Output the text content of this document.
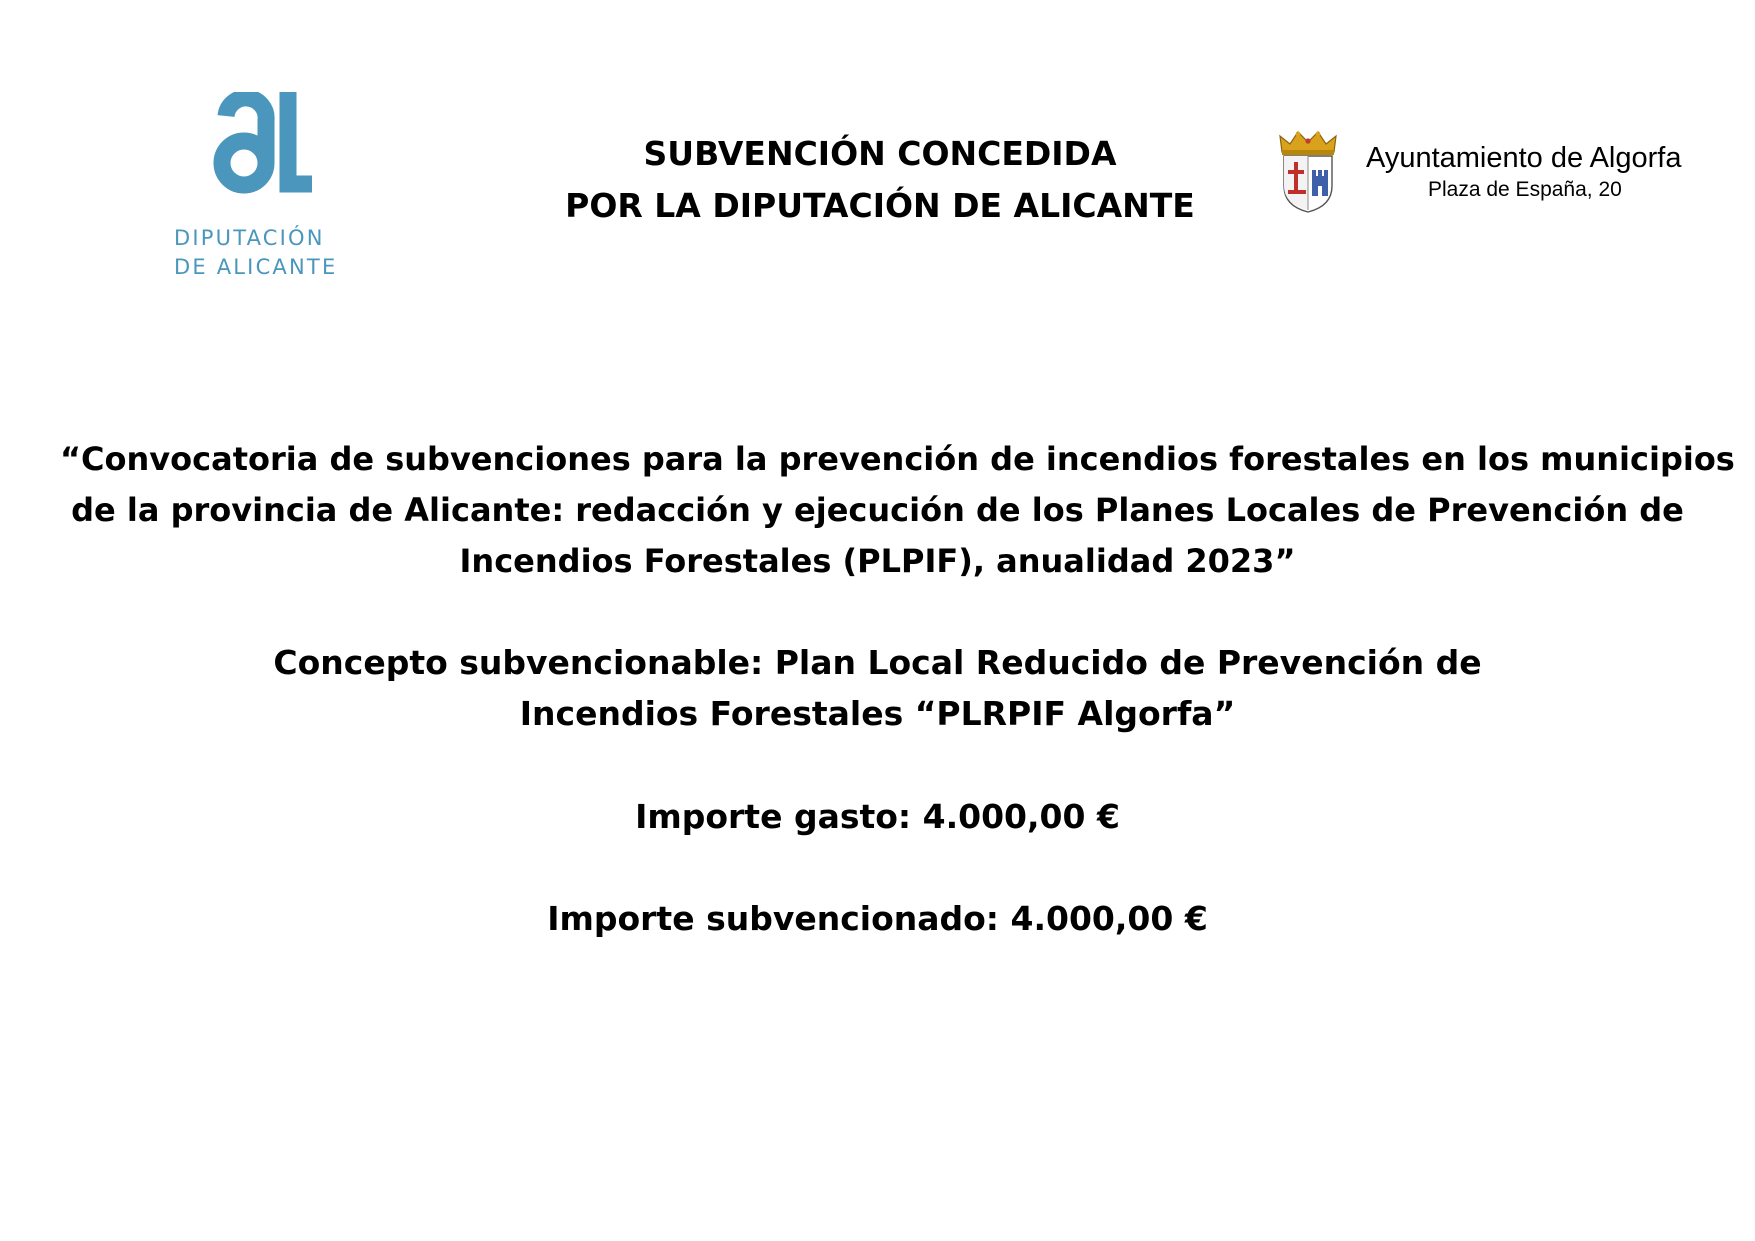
DIPUTACIÓN
DE ALICANTE
SUBVENCIÓN CONCEDIDA
POR LA DIPUTACIÓN DE ALICANTE
Ayuntamiento de Algorfa
Plaza de España, 20
“Convocatoria de subvenciones para la prevención de incendios forestales en los municipios
de la provincia de Alicante: redacción y ejecución de los Planes Locales de Prevención de
Incendios Forestales (PLPIF), anualidad 2023”
Concepto subvencionable: Plan Local Reducido de Prevención de
Incendios Forestales “PLRPIF Algorfa”
Importe gasto: 4.000,00 €
Importe subvencionado: 4.000,00 €
